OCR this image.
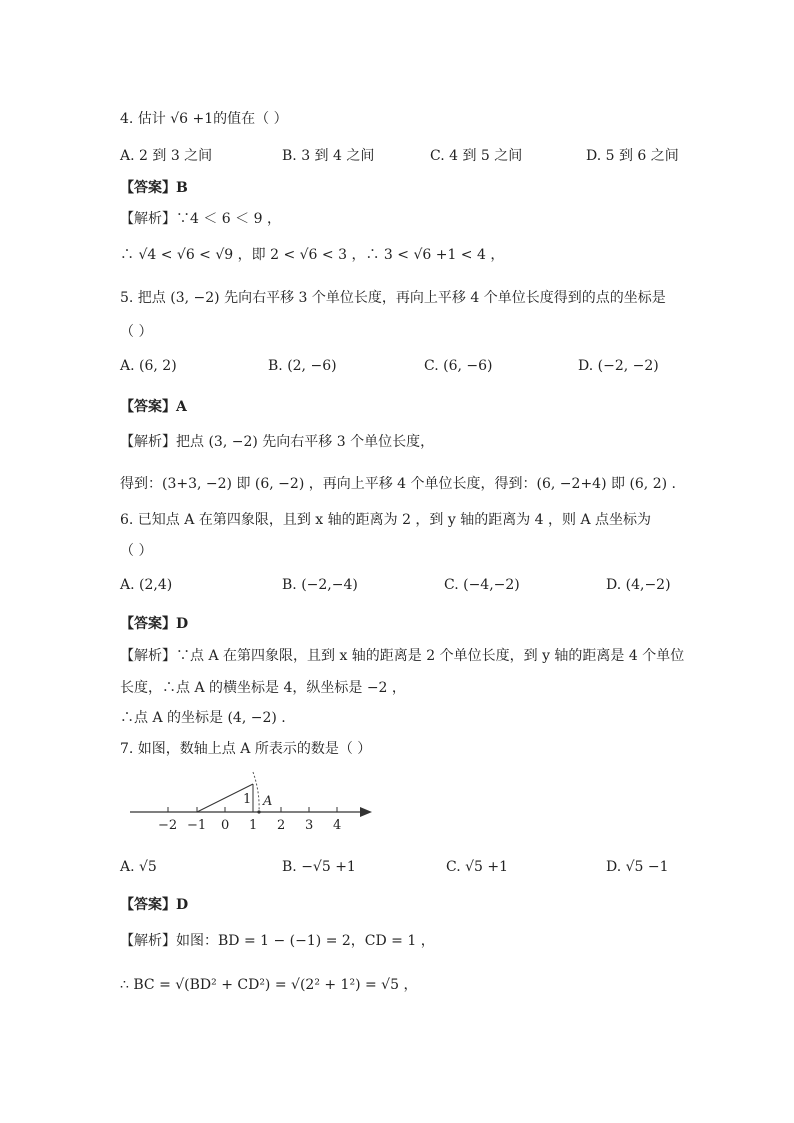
4. 估计 √6 +1的值在（ ）
A. 2 到 3 之间	B. 3 到 4 之间	C. 4 到 5 之间	D. 5 到 6 之间
【答案】B
【解析】∵4 ＜ 6 ＜ 9 ，
∴ √4 < √6 < √9 ，即 2 < √6 < 3 ，∴ 3 < √6 +1 < 4 ，
5. 把点 (3, −2) 先向右平移 3 个单位长度，再向上平移 4 个单位长度得到的点的坐标是
（ ）
A. (6, 2)	B. (2, −6)	C. (6, −6)	D. (−2, −2)
【答案】A
【解析】把点 (3, −2) 先向右平移 3 个单位长度，
得到：(3+3, −2) 即 (6, −2) ，再向上平移 4 个单位长度，得到：(6, −2+4) 即 (6, 2) .
6. 已知点 A 在第四象限，且到 x 轴的距离为 2 ，到 y 轴的距离为 4 ，则 A 点坐标为
（ ）
A. (2,4)	B. (−2,−4)	C. (−4,−2)	D. (4,−2)
【答案】D
【解析】∵点 A 在第四象限，且到 x 轴的距离是 2 个单位长度，到 y 轴的距离是 4 个单位
长度，∴点 A 的横坐标是 4，纵坐标是 −2 ，
∴点 A 的坐标是 (4, −2) .
7. 如图，数轴上点 A 所表示的数是（ ）
1 A
−2 −1 0 1 2 3 4
A. √5	B. −√5 +1	C. √5 +1	D. √5 −1
【答案】D
【解析】如图：BD = 1 − (−1) = 2，CD = 1 ，
∴ BC = √(BD² + CD²) = √(2² + 1²) = √5 ，
